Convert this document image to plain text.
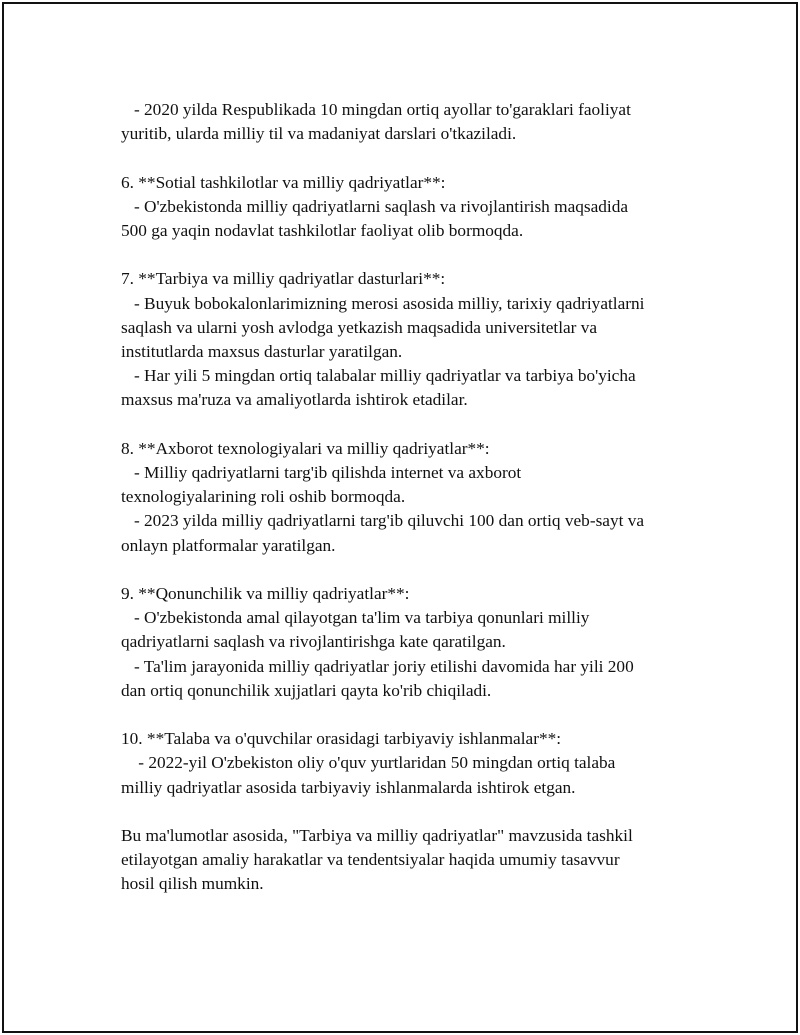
- 2020 yilda Respublikada 10 mingdan ortiq ayollar to'garaklari faoliyat
yuritib, ularda milliy til va madaniyat darslari o'tkaziladi.
6. **Sotial tashkilotlar va milliy qadriyatlar**:
- O'zbekistonda milliy qadriyatlarni saqlash va rivojlantirish maqsadida
500 ga yaqin nodavlat tashkilotlar faoliyat olib bormoqda.
7. **Tarbiya va milliy qadriyatlar dasturlari**:
- Buyuk bobokalonlarimizning merosi asosida milliy, tarixiy qadriyatlarni
saqlash va ularni yosh avlodga yetkazish maqsadida universitetlar va
institutlarda maxsus dasturlar yaratilgan.
- Har yili 5 mingdan ortiq talabalar milliy qadriyatlar va tarbiya bo'yicha
maxsus ma'ruza va amaliyotlarda ishtirok etadilar.
8. **Axborot texnologiyalari va milliy qadriyatlar**:
- Milliy qadriyatlarni targ'ib qilishda internet va axborot
texnologiyalarining roli oshib bormoqda.
- 2023 yilda milliy qadriyatlarni targ'ib qiluvchi 100 dan ortiq veb-sayt va
onlayn platformalar yaratilgan.
9. **Qonunchilik va milliy qadriyatlar**:
- O'zbekistonda amal qilayotgan ta'lim va tarbiya qonunlari milliy
qadriyatlarni saqlash va rivojlantirishga kate qaratilgan.
- Ta'lim jarayonida milliy qadriyatlar joriy etilishi davomida har yili 200
dan ortiq qonunchilik xujjatlari qayta ko'rib chiqiladi.
10. **Talaba va o'quvchilar orasidagi tarbiyaviy ishlanmalar**:
- 2022-yil O'zbekiston oliy o'quv yurtlaridan 50 mingdan ortiq talaba
milliy qadriyatlar asosida tarbiyaviy ishlanmalarda ishtirok etgan.
Bu ma'lumotlar asosida, "Tarbiya va milliy qadriyatlar" mavzusida tashkil
etilayotgan amaliy harakatlar va tendentsiyalar haqida umumiy tasavvur
hosil qilish mumkin.
